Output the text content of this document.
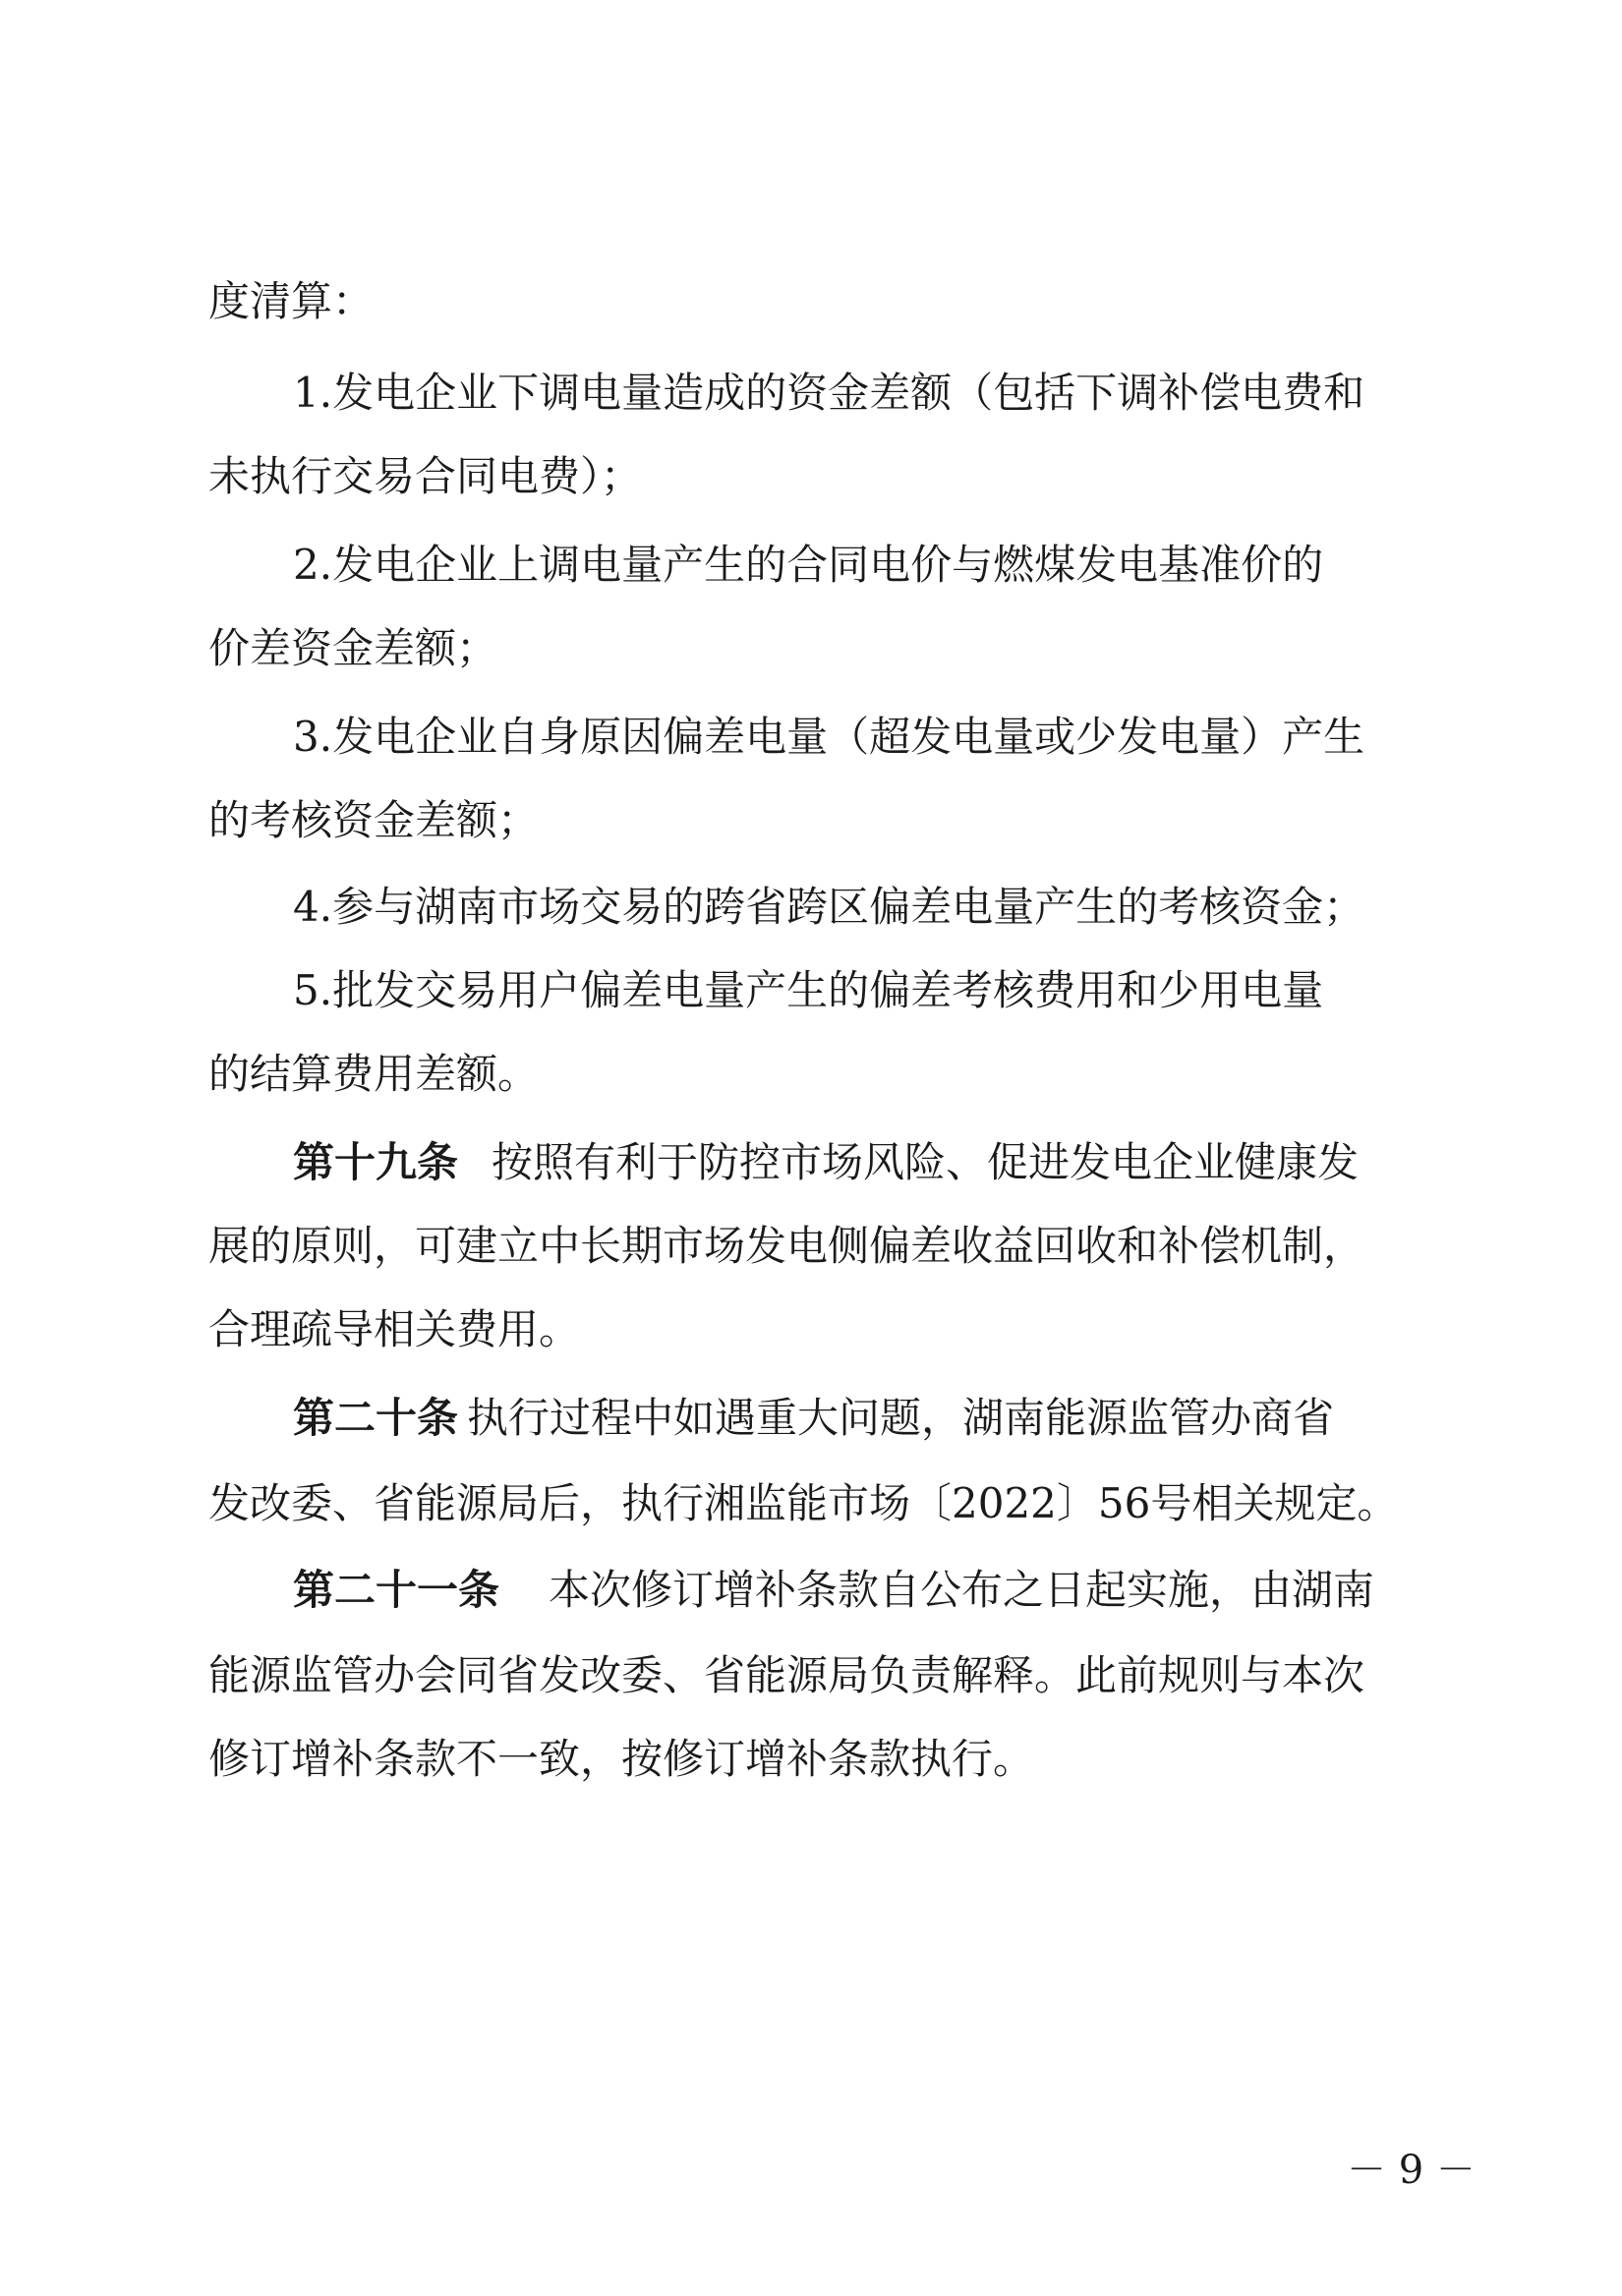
度清算：

1.发电企业下调电量造成的资金差额（包括下调补偿电费和

未执行交易合同电费）；

2.发电企业上调电量产生的合同电价与燃煤发电基准价的

价差资金差额；

3.发电企业自身原因偏差电量（超发电量或少发电量）产生

的考核资金差额；

4.参与湖南市场交易的跨省跨区偏差电量产生的考核资金；

5.批发交易用户偏差电量产生的偏差考核费用和少用电量

的结算费用差额。

第十九条

按照有利于防控市场风险、促进发电企业健康发

展的原则，可建立中长期市场发电侧偏差收益回收和补偿机制，

合理疏导相关费用。

第二十条

执行过程中如遇重大问题，湖南能源监管办商省

发改委、省能源局后，执行湘监能市场〔2022〕56号相关规定。

第二十一条

本次修订增补条款自公布之日起实施，由湖南

能源监管办会同省发改委、省能源局负责解释。此前规则与本次

修订增补条款不一致，按修订增补条款执行。

－ 9 －
